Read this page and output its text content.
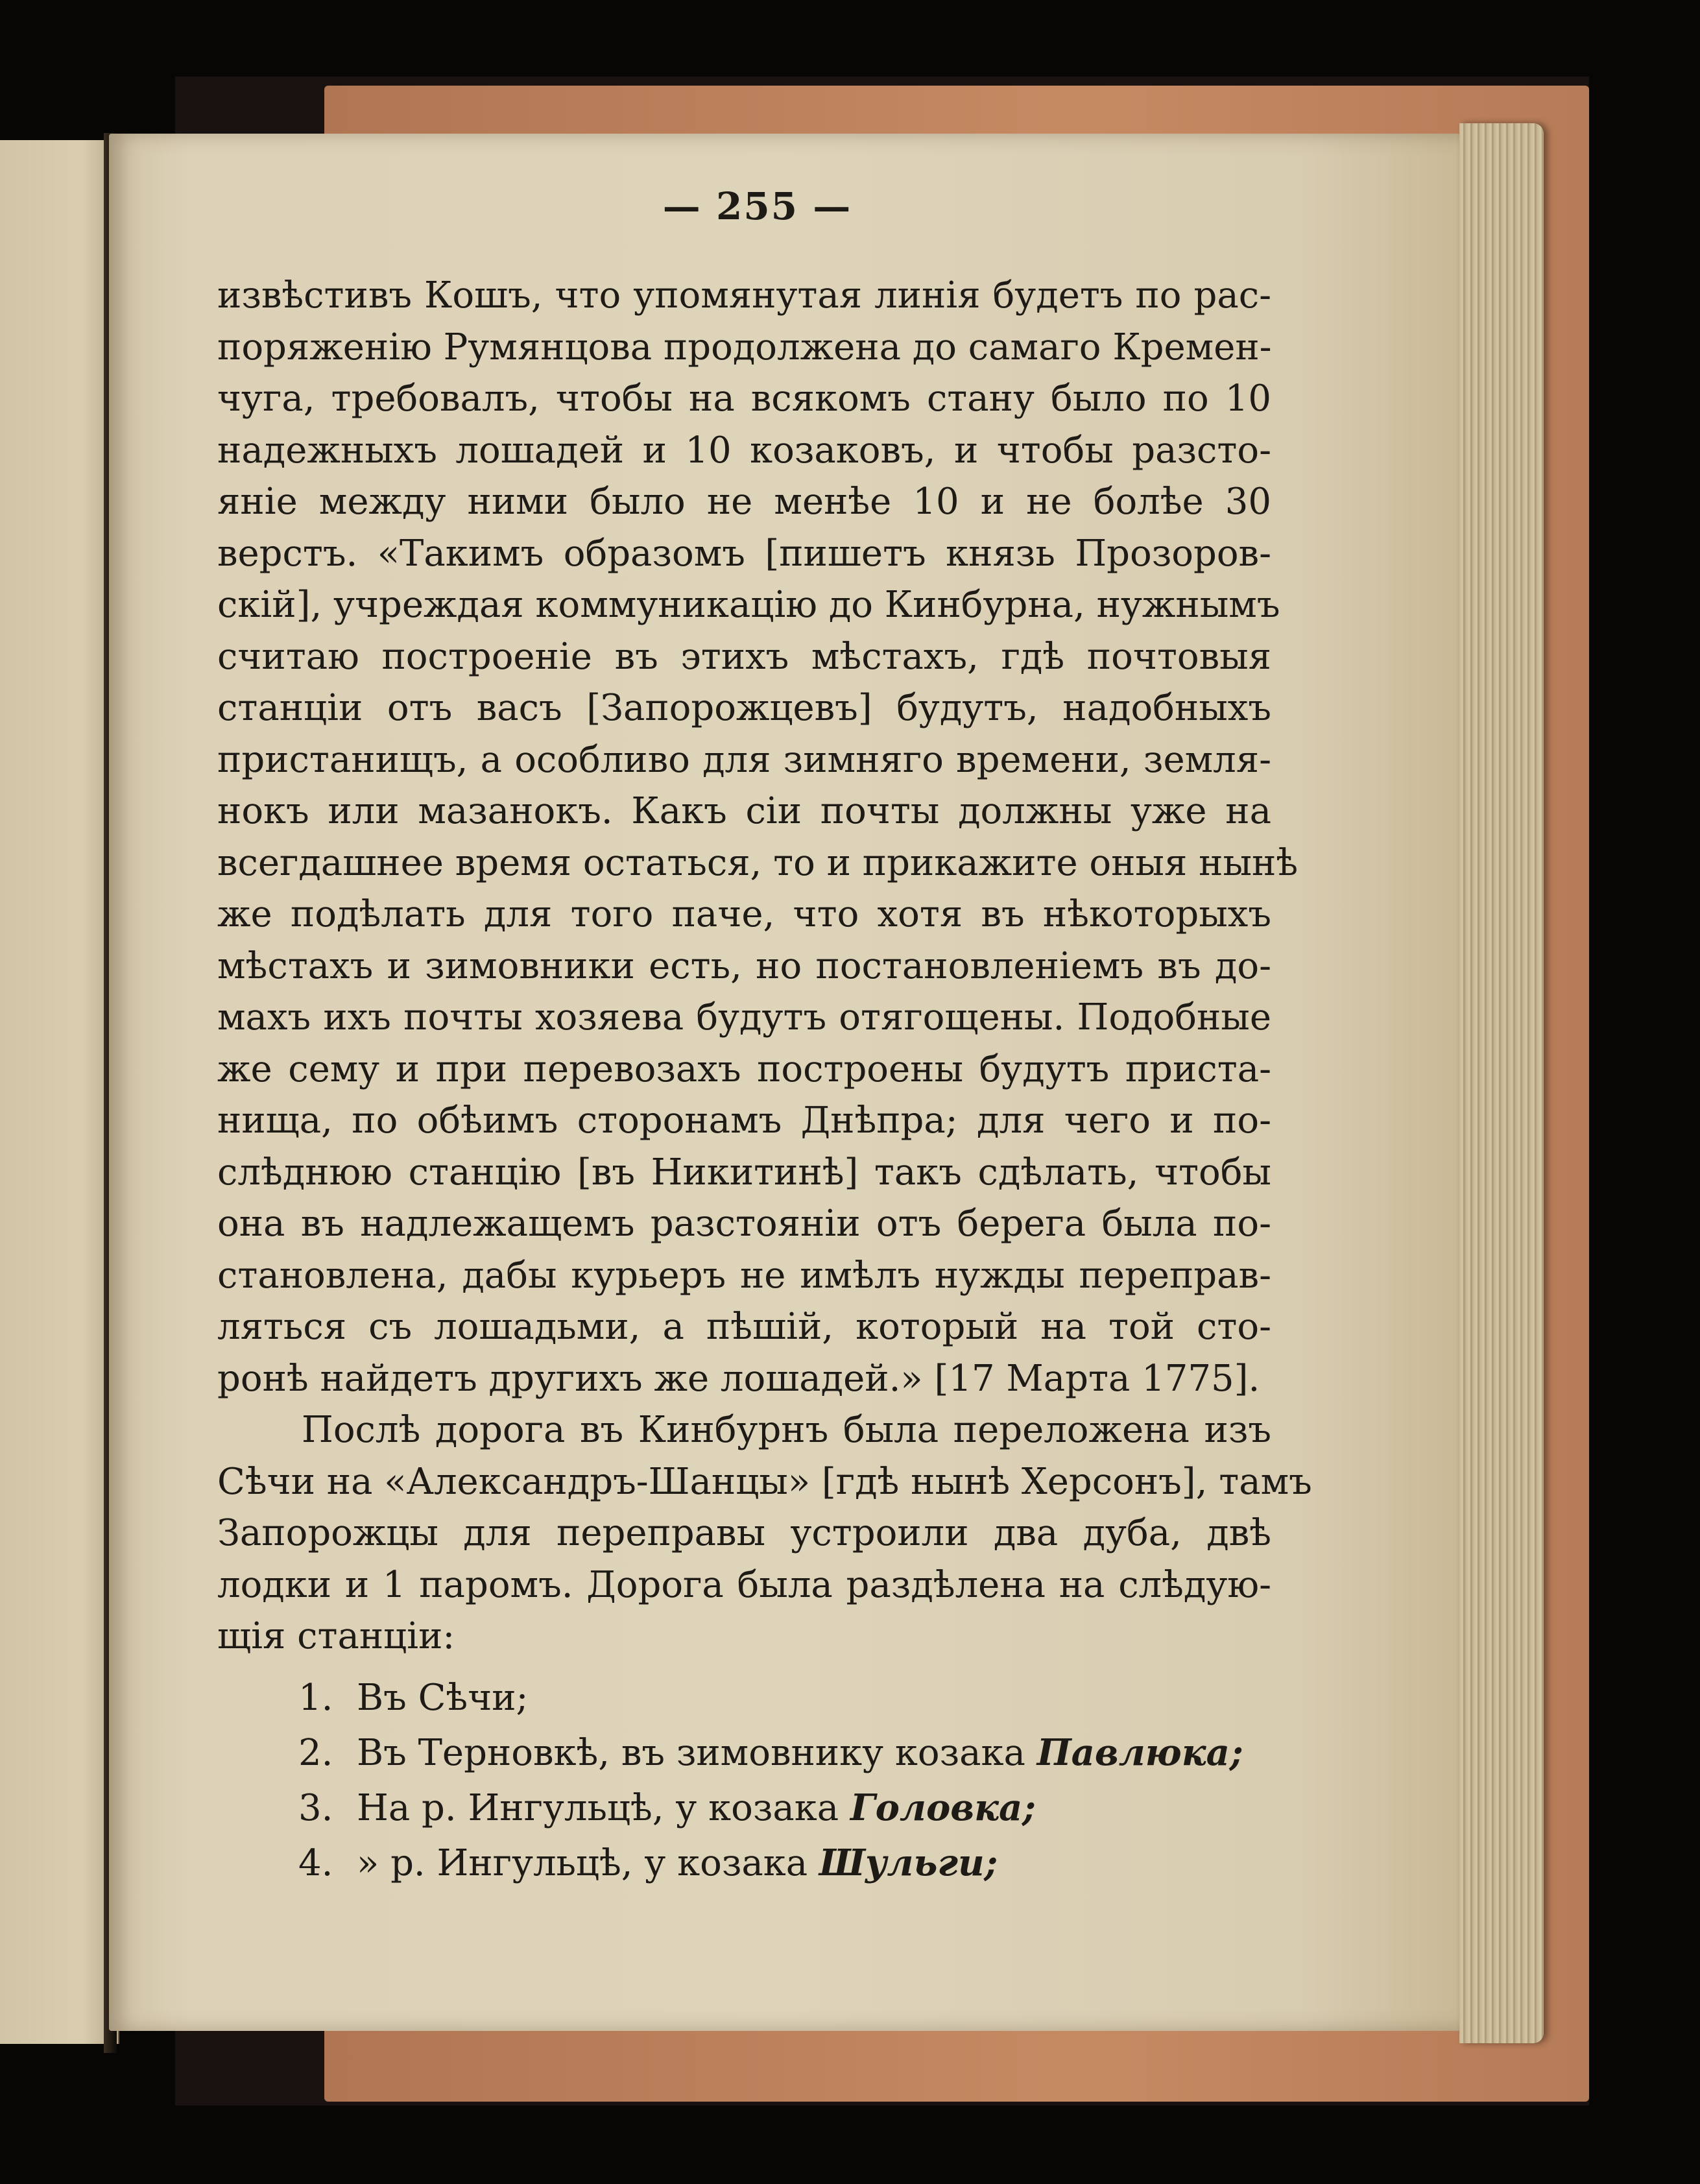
— 255 —
извѣстивъ Кошъ, что упомянутая линія будетъ по рас-
поряженію Румянцова продолжена до самаго Кремен-
чуга, требовалъ, чтобы на всякомъ стану было по 10
надежныхъ лошадей и 10 козаковъ, и чтобы разсто-
яніе между ними было не менѣе 10 и не болѣе 30
верстъ. «Такимъ образомъ [пишетъ князь Прозоров-
скій], учреждая коммуникацію до Кинбурна, нужнымъ
считаю построеніе въ этихъ мѣстахъ, гдѣ почтовыя
станціи отъ васъ [Запорожцевъ] будутъ, надобныхъ
пристанищъ, а особливо для зимняго времени, земля-
нокъ или мазанокъ. Какъ сіи почты должны уже на
всегдашнее время остаться, то и прикажите оныя нынѣ
же подѣлать для того паче, что хотя въ нѣкоторыхъ
мѣстахъ и зимовники есть, но постановленіемъ въ до-
махъ ихъ почты хозяева будутъ отягощены. Подобные
же сему и при перевозахъ построены будутъ приста-
нища, по обѣимъ сторонамъ Днѣпра; для чего и по-
слѣднюю станцію [въ Никитинѣ] такъ сдѣлать, чтобы
она въ надлежащемъ разстояніи отъ берега была по-
становлена, дабы курьеръ не имѣлъ нужды переправ-
ляться съ лошадьми, а пѣшій, который на той сто-
ронѣ найдетъ другихъ же лошадей.» [17 Марта 1775].
Послѣ дорога въ Кинбурнъ была переложена изъ
Сѣчи на «Александръ-Шанцы» [гдѣ нынѣ Херсонъ], тамъ
Запорожцы для переправы устроили два дуба, двѣ
лодки и 1 паромъ. Дорога была раздѣлена на слѣдую-
щія станціи:
1. Въ Сѣчи;
2. Въ Терновкѣ, въ зимовнику козака Павлюка;
3. На р. Ингульцѣ, у козака Головка;
4. » р. Ингульцѣ, у козака Шульги;
